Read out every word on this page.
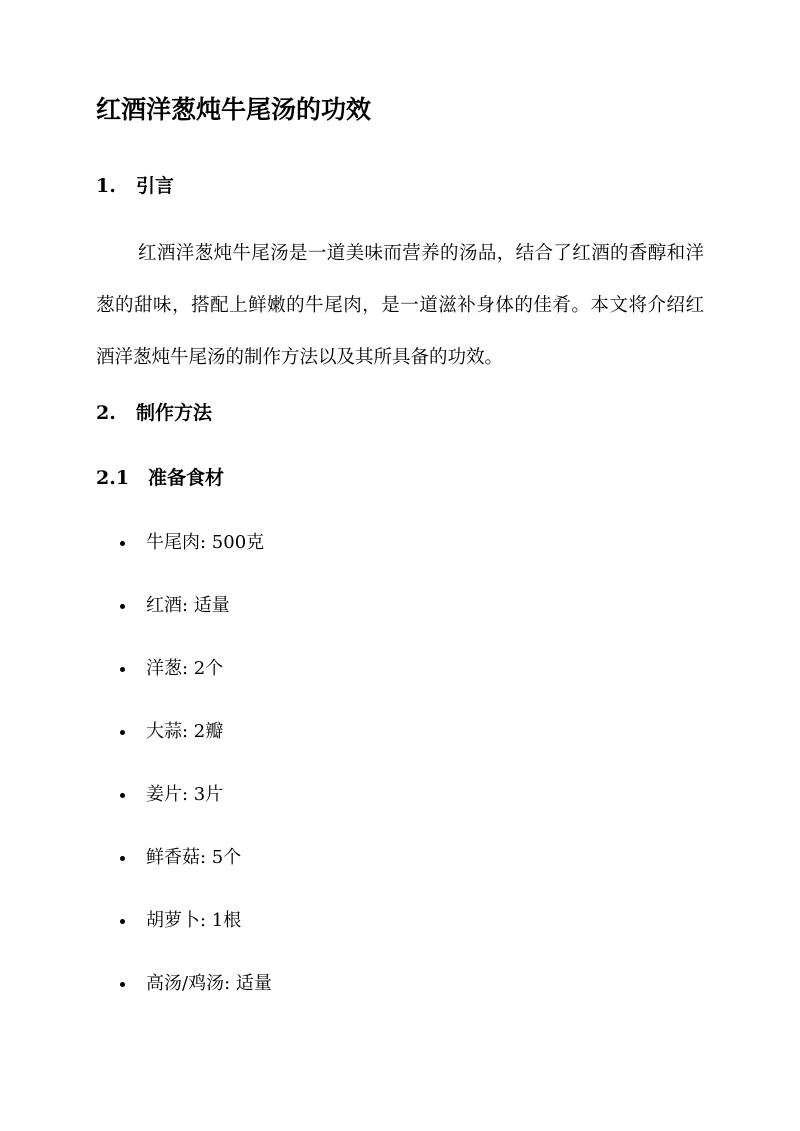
红酒洋葱炖牛尾汤的功效
1. 引言

红酒洋葱炖牛尾汤是一道美味而营养的汤品，结合了红酒的香醇和洋葱的甜味，搭配上鲜嫩的牛尾肉，是一道滋补身体的佳肴。本文将介绍红酒洋葱炖牛尾汤的制作方法以及其所具备的功效。

2. 制作方法
2.1 准备食材
牛尾肉: 500克
红酒: 适量
洋葱: 2个
大蒜: 2瓣
姜片: 3片
鲜香菇: 5个
胡萝卜: 1根
高汤/鸡汤: 适量
